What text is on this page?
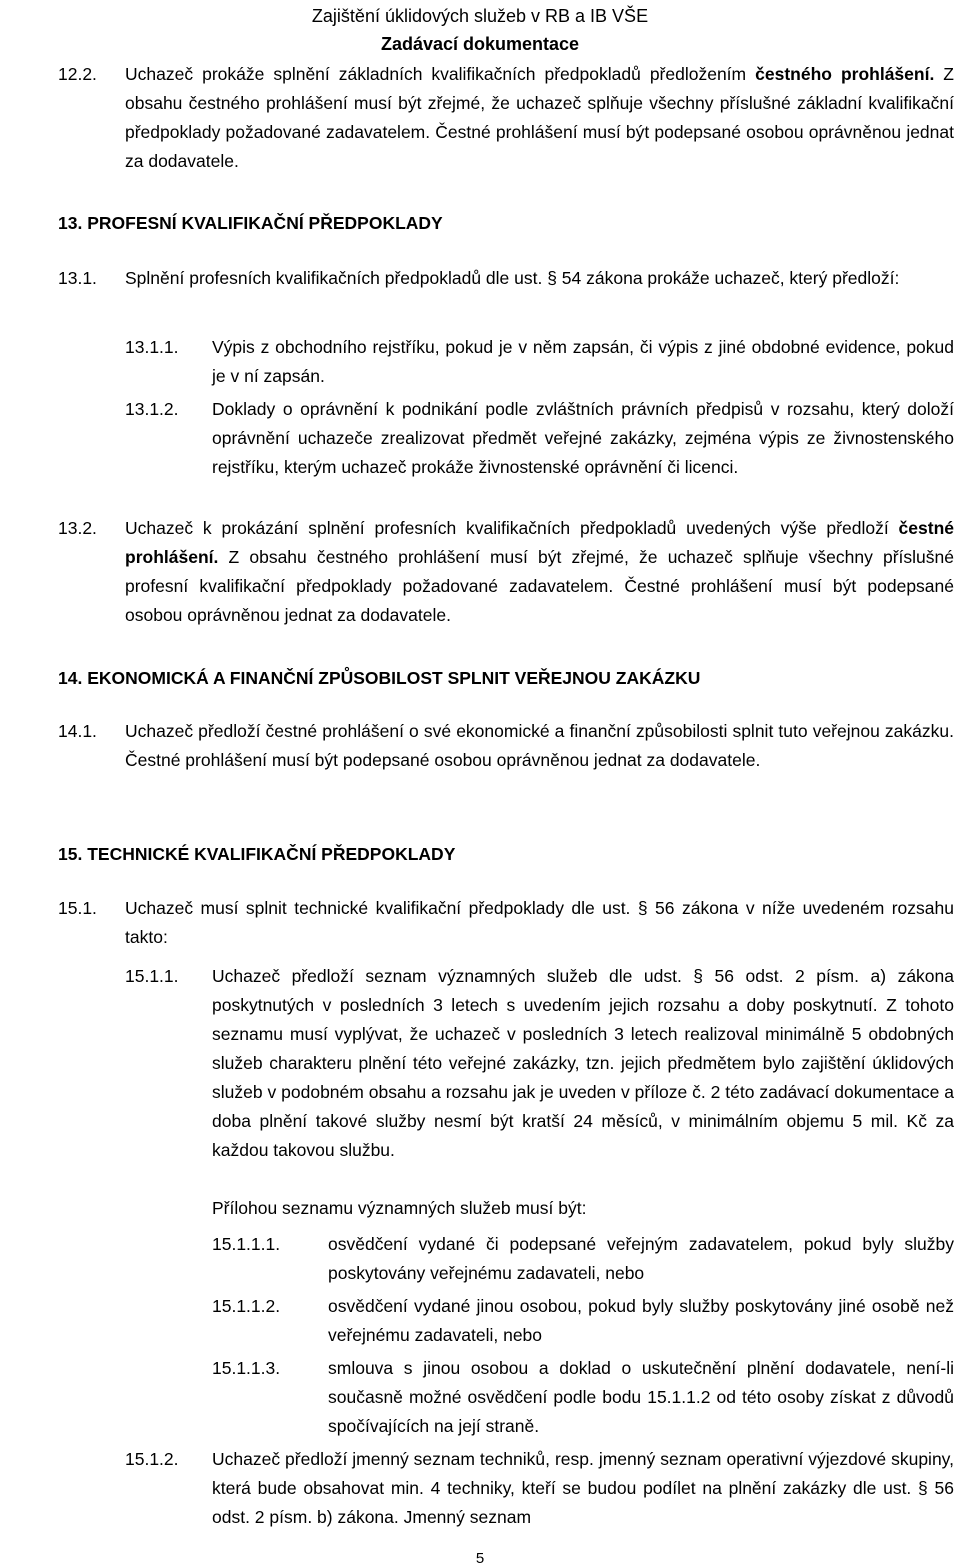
Zajištění úklidových služeb v RB a IB VŠE
Zadávací dokumentace
12.2. Uchazeč prokáže splnění základních kvalifikačních předpokladů předložením čestného prohlášení. Z obsahu čestného prohlášení musí být zřejmé, že uchazeč splňuje všechny příslušné základní kvalifikační předpoklady požadované zadavatelem. Čestné prohlášení musí být podepsané osobou oprávněnou jednat za dodavatele.
13. PROFESNÍ KVALIFIKAČNÍ PŘEDPOKLADY
13.1. Splnění profesních kvalifikačních předpokladů dle ust. § 54 zákona prokáže uchazeč, který předloží:
13.1.1. Výpis z obchodního rejstříku, pokud je v něm zapsán, či výpis z jiné obdobné evidence, pokud je v ní zapsán.
13.1.2. Doklady o oprávnění k podnikání podle zvláštních právních předpisů v rozsahu, který doloží oprávnění uchazeče zrealizovat předmět veřejné zakázky, zejména výpis ze živnostenského rejstříku, kterým uchazeč prokáže živnostenské oprávnění či licenci.
13.2. Uchazeč k prokázání splnění profesních kvalifikačních předpokladů uvedených výše předloží čestné prohlášení. Z obsahu čestného prohlášení musí být zřejmé, že uchazeč splňuje všechny příslušné profesní kvalifikační předpoklady požadované zadavatelem. Čestné prohlášení musí být podepsané osobou oprávněnou jednat za dodavatele.
14. EKONOMICKÁ A FINANČNÍ ZPŮSOBILOST SPLNIT VEŘEJNOU ZAKÁZKU
14.1. Uchazeč předloží čestné prohlášení o své ekonomické a finanční způsobilosti splnit tuto veřejnou zakázku. Čestné prohlášení musí být podepsané osobou oprávněnou jednat za dodavatele.
15. TECHNICKÉ KVALIFIKAČNÍ PŘEDPOKLADY
15.1. Uchazeč musí splnit technické kvalifikační předpoklady dle ust. § 56 zákona v níže uvedeném rozsahu takto:
15.1.1. Uchazeč předloží seznam významných služeb dle udst. § 56 odst. 2 písm. a) zákona poskytnutých v posledních 3 letech s uvedením jejich rozsahu a doby poskytnutí. Z tohoto seznamu musí vyplývat, že uchazeč v posledních 3 letech realizoval minimálně 5 obdobných služeb charakteru plnění této veřejné zakázky, tzn. jejich předmětem bylo zajištění úklidových služeb v podobném obsahu a rozsahu jak je uveden v příloze č. 2 této zadávací dokumentace a doba plnění takové služby nesmí být kratší 24 měsíců, v minimálním objemu 5 mil. Kč za každou takovou službu.
Přílohou seznamu významných služeb musí být:
15.1.1.1.	osvědčení vydané či podepsané veřejným zadavatelem, pokud byly služby poskytovány veřejnému zadavateli, nebo
15.1.1.2.	osvědčení vydané jinou osobou, pokud byly služby poskytovány jiné osobě než veřejnému zadavateli, nebo
15.1.1.3.	smlouva s jinou osobou a doklad o uskutečnění plnění dodavatele, není-li současně možné osvědčení podle bodu 15.1.1.2 od této osoby získat z důvodů spočívajících na její straně.
15.1.2. Uchazeč předloží jmenný seznam techniků, resp. jmenný seznam operativní výjezdové skupiny, která bude obsahovat min. 4 techniky, kteří se budou podílet na plnění zakázky dle ust. § 56 odst. 2 písm. b) zákona. Jmenný seznam
5
